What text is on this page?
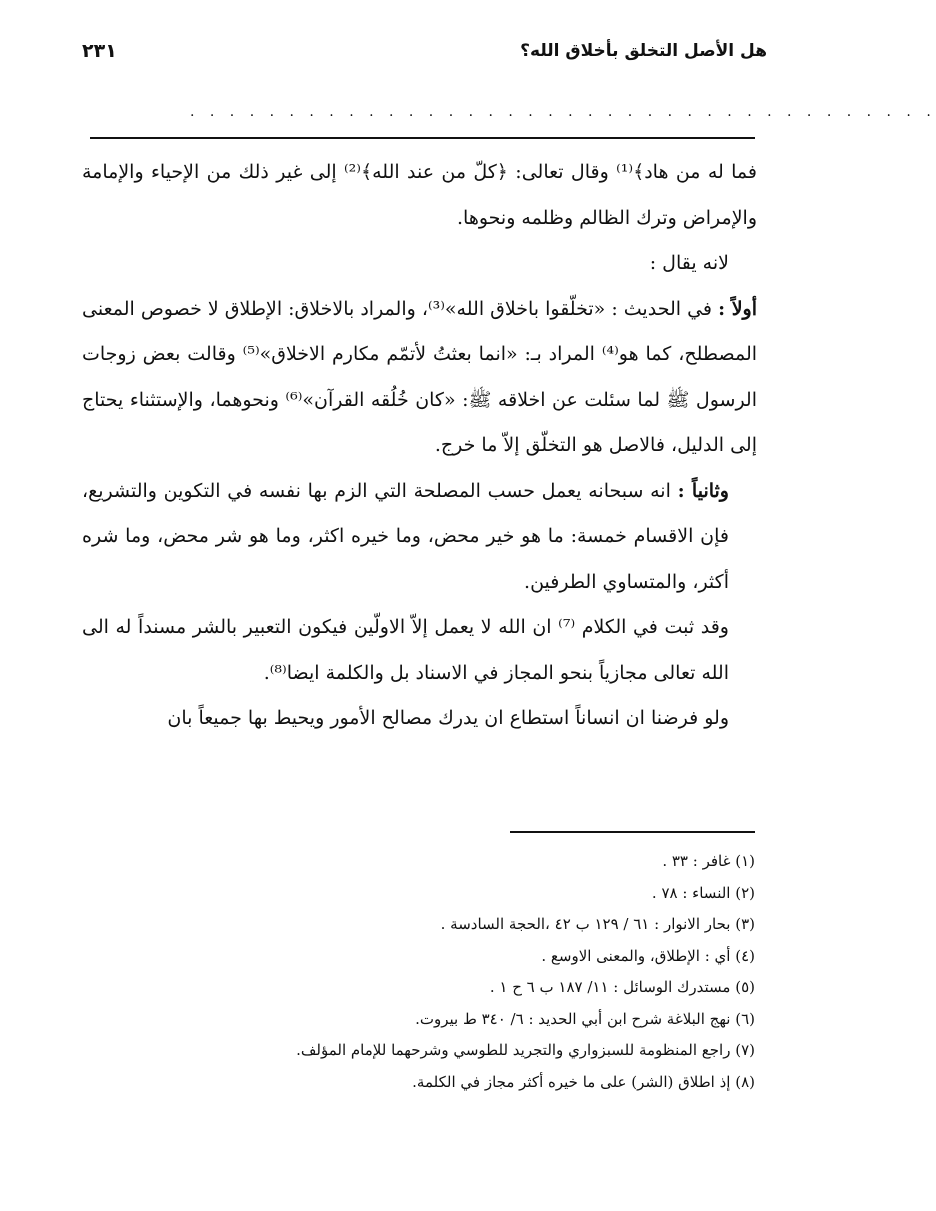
هل الأصل التخلق بأخلاق الله؟
٢٣١
. . . . . . . . . . . . . . . . . . . . . . . . . . . . . . . . . . . . . .

فما له من هاد﴾⁽¹⁾ وقال تعالى: ﴿كلّ من عند الله﴾⁽²⁾ إلى غير ذلك من الإحياء والإمامة والإمراض وترك الظالم وظلمه ونحوها.

لانه يقال :

أولاً : في الحديث : «تخلّقوا باخلاق الله»⁽³⁾، والمراد بالاخلاق: الإطلاق لا خصوص المعنى المصطلح، كما هو⁽⁴⁾ المراد بـ: «انما بعثتُ لأتمّم مكارم الاخلاق»⁽⁵⁾ وقالت بعض زوجات الرسول ﷺ لما سئلت عن اخلاقه ﷺ: «كان خُلُقه القرآن»⁽⁶⁾ ونحوهما، والإستثناء يحتاج إلى الدليل، فالاصل هو التخلّق إلاّ ما خرج.

وثانياً : انه سبحانه يعمل حسب المصلحة التي الزم بها نفسه في التكوين والتشريع، فإن الاقسام خمسة: ما هو خير محض، وما خيره اكثر، وما هو شر محض، وما شره أكثر، والمتساوي الطرفين.

وقد ثبت في الكلام ⁽⁷⁾ ان الله لا يعمل إلاّ الاولّين فيكون التعبير بالشر مسنداً له الى الله تعالى مجازياً بنحو المجاز في الاسناد بل والكلمة ايضا⁽⁸⁾.

ولو فرضنا ان انساناً استطاع ان يدرك مصالح الأمور ويحيط بها جميعاً بان

(١) غافر : ٣٣ .

(٢) النساء : ٧٨ .

(٣) بحار الانوار : ٦١ / ١٢٩ ب ٤٢ ،الحجة السادسة .

(٤) أي : الإطلاق، والمعنى الاوسع .

(٥) مستدرك الوسائل : ١١/ ١٨٧ ب ٦ ح ١ .

(٦) نهج البلاغة شرح ابن أبي الحديد : ٦/ ٣٤٠ ط بيروت.

(٧) راجع المنظومة للسبزواري والتجريد للطوسي وشرحهما للإمام المؤلف.

(٨) إذ اطلاق (الشر) على ما خيره أكثر مجاز في الكلمة.
